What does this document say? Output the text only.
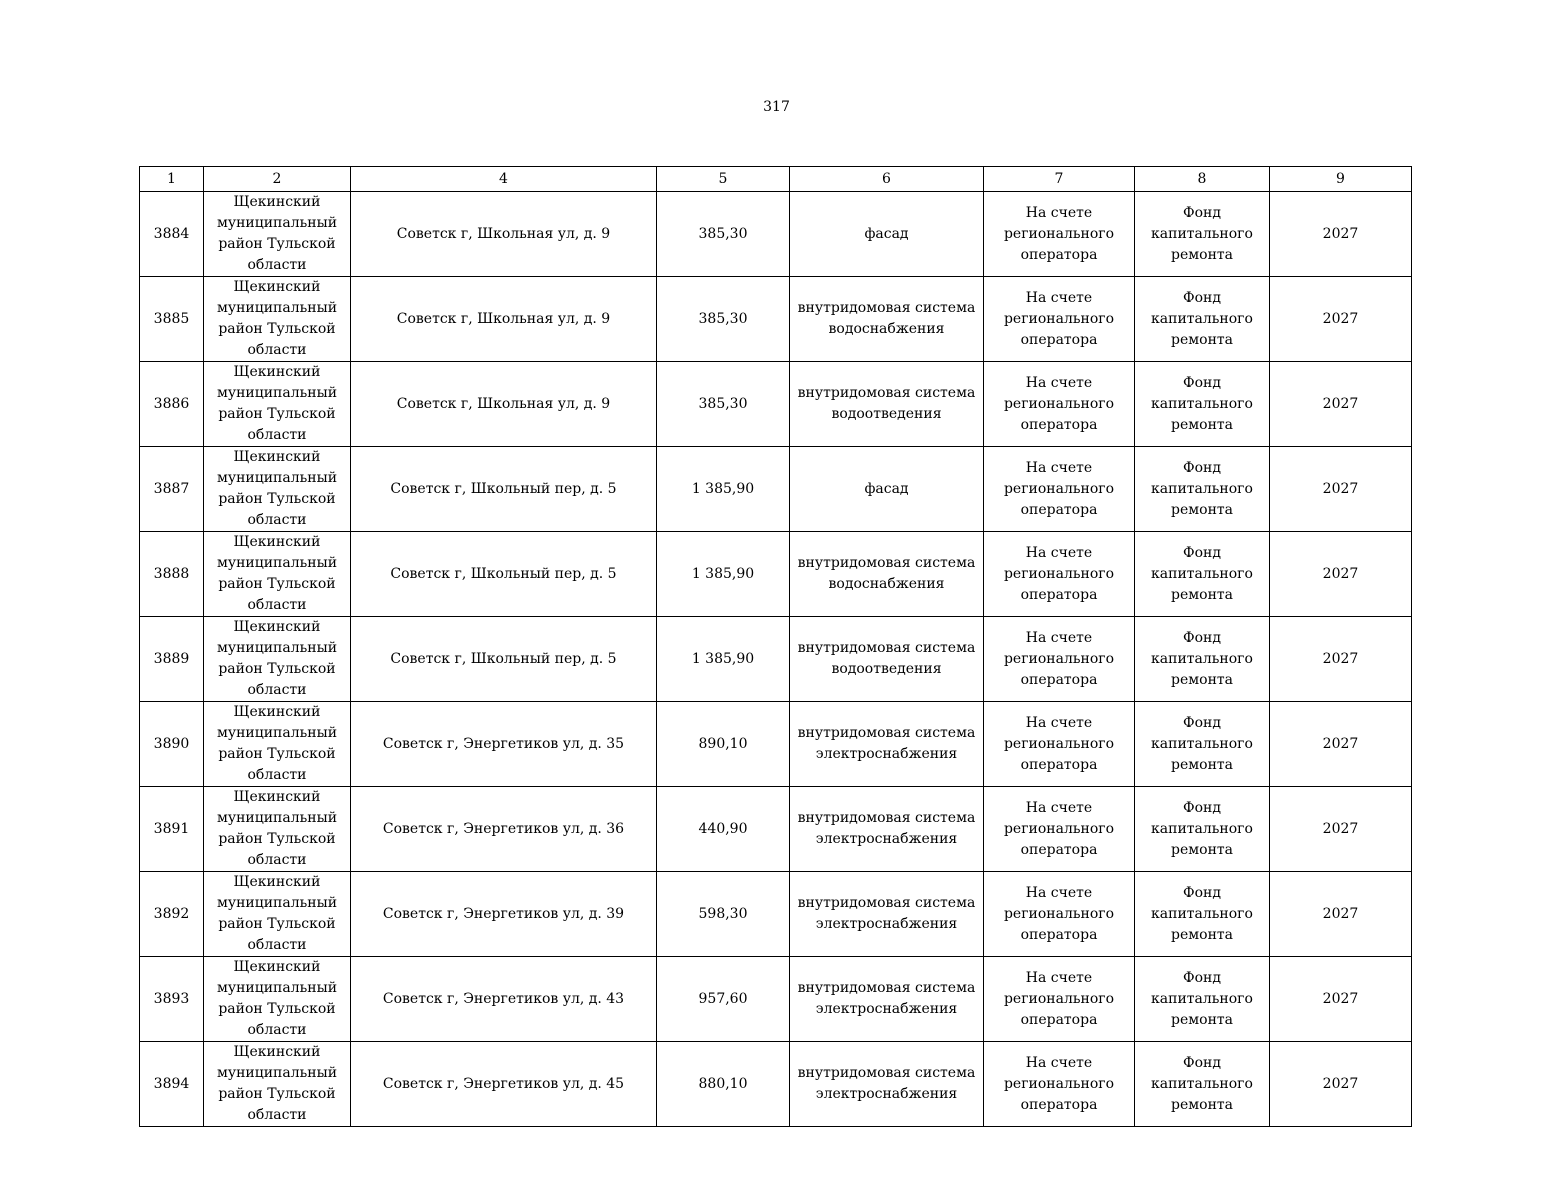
317
1	2	4	5	6	7	8	9
3884	Щекинский муниципальный район Тульской области	Советск г, Школьная ул, д. 9	385,30	фасад	На счете регионального оператора	Фонд капитального ремонта	2027
3885	Щекинский муниципальный район Тульской области	Советск г, Школьная ул, д. 9	385,30	внутридомовая система водоснабжения	На счете регионального оператора	Фонд капитального ремонта	2027
3886	Щекинский муниципальный район Тульской области	Советск г, Школьная ул, д. 9	385,30	внутридомовая система водоотведения	На счете регионального оператора	Фонд капитального ремонта	2027
3887	Щекинский муниципальный район Тульской области	Советск г, Школьный пер, д. 5	1 385,90	фасад	На счете регионального оператора	Фонд капитального ремонта	2027
3888	Щекинский муниципальный район Тульской области	Советск г, Школьный пер, д. 5	1 385,90	внутридомовая система водоснабжения	На счете регионального оператора	Фонд капитального ремонта	2027
3889	Щекинский муниципальный район Тульской области	Советск г, Школьный пер, д. 5	1 385,90	внутридомовая система водоотведения	На счете регионального оператора	Фонд капитального ремонта	2027
3890	Щекинский муниципальный район Тульской области	Советск г, Энергетиков ул, д. 35	890,10	внутридомовая система электроснабжения	На счете регионального оператора	Фонд капитального ремонта	2027
3891	Щекинский муниципальный район Тульской области	Советск г, Энергетиков ул, д. 36	440,90	внутридомовая система электроснабжения	На счете регионального оператора	Фонд капитального ремонта	2027
3892	Щекинский муниципальный район Тульской области	Советск г, Энергетиков ул, д. 39	598,30	внутридомовая система электроснабжения	На счете регионального оператора	Фонд капитального ремонта	2027
3893	Щекинский муниципальный район Тульской области	Советск г, Энергетиков ул, д. 43	957,60	внутридомовая система электроснабжения	На счете регионального оператора	Фонд капитального ремонта	2027
3894	Щекинский муниципальный район Тульской области	Советск г, Энергетиков ул, д. 45	880,10	внутридомовая система электроснабжения	На счете регионального оператора	Фонд капитального ремонта	2027
